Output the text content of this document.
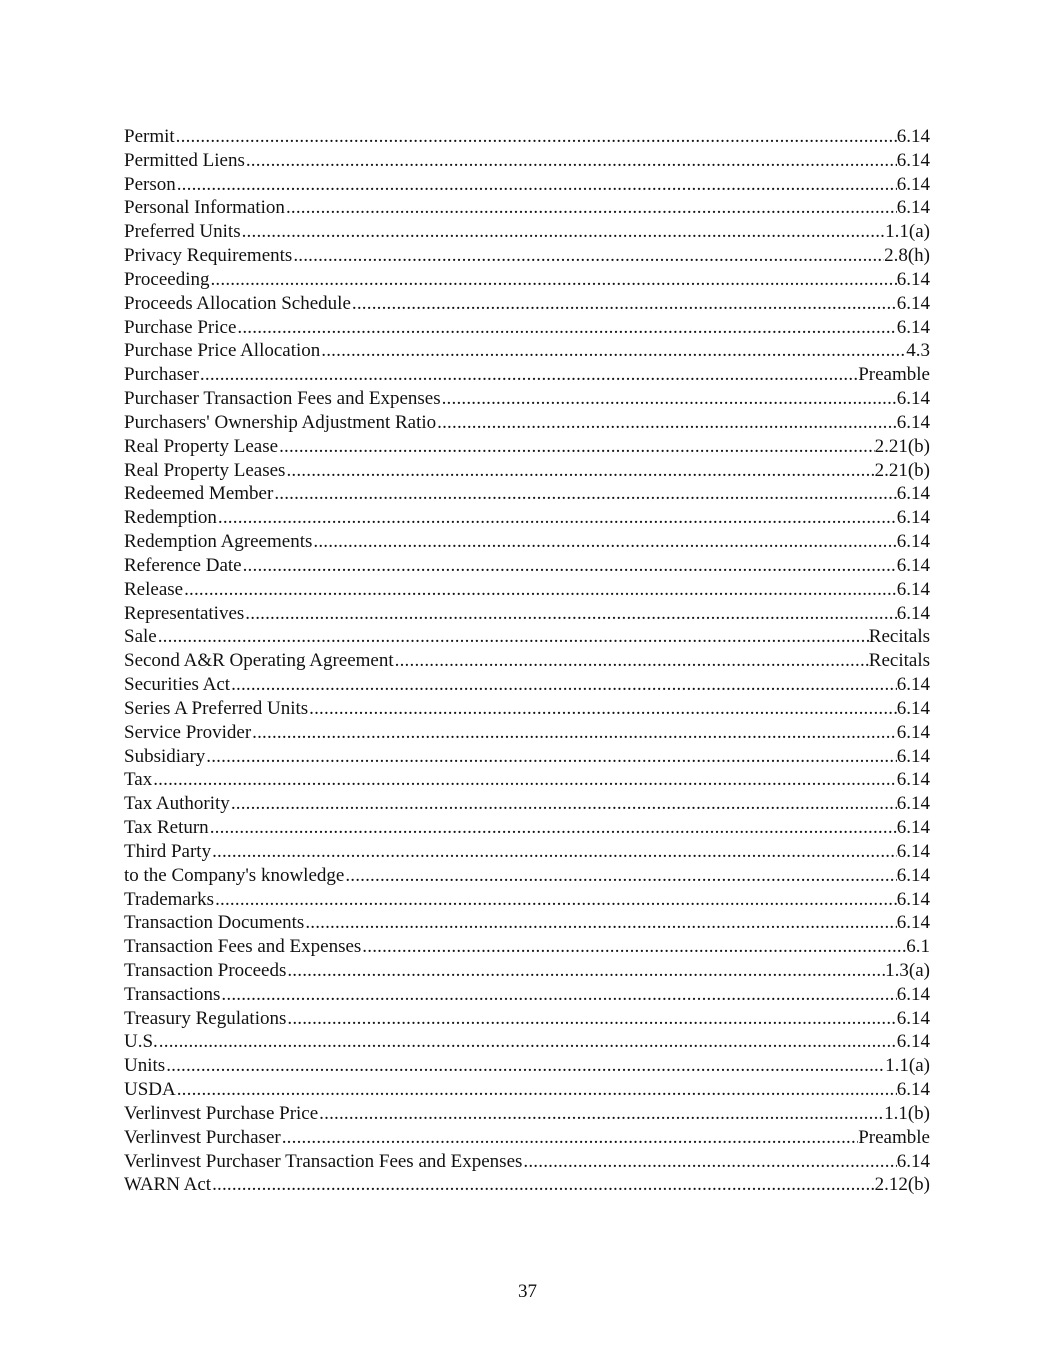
Permit .....	6.14
Permitted Liens .....	6.14
Person .....	6.14
Personal Information .....	6.14
Preferred Units .....	1.1(a)
Privacy Requirements .....	2.8(h)
Proceeding .....	6.14
Proceeds Allocation Schedule .....	6.14
Purchase Price .....	6.14
Purchase Price Allocation .....	4.3
Purchaser .....	Preamble
Purchaser Transaction Fees and Expenses .....	6.14
Purchasers' Ownership Adjustment Ratio .....	6.14
Real Property Lease .....	2.21(b)
Real Property Leases .....	2.21(b)
Redeemed Member .....	6.14
Redemption .....	6.14
Redemption Agreements .....	6.14
Reference Date .....	6.14
Release .....	6.14
Representatives .....	6.14
Sale .....	Recitals
Second A&R Operating Agreement .....	Recitals
Securities Act .....	6.14
Series A Preferred Units .....	6.14
Service Provider .....	6.14
Subsidiary .....	6.14
Tax .....	6.14
Tax Authority .....	6.14
Tax Return .....	6.14
Third Party .....	6.14
to the Company's knowledge .....	6.14
Trademarks .....	6.14
Transaction Documents .....	6.14
Transaction Fees and Expenses .....	6.1
Transaction Proceeds .....	1.3(a)
Transactions .....	6.14
Treasury Regulations .....	6.14
U.S. .....	6.14
Units .....	1.1(a)
USDA .....	6.14
Verlinvest Purchase Price .....	1.1(b)
Verlinvest Purchaser .....	Preamble
Verlinvest Purchaser Transaction Fees and Expenses .....	6.14
WARN Act .....	2.12(b)
37
